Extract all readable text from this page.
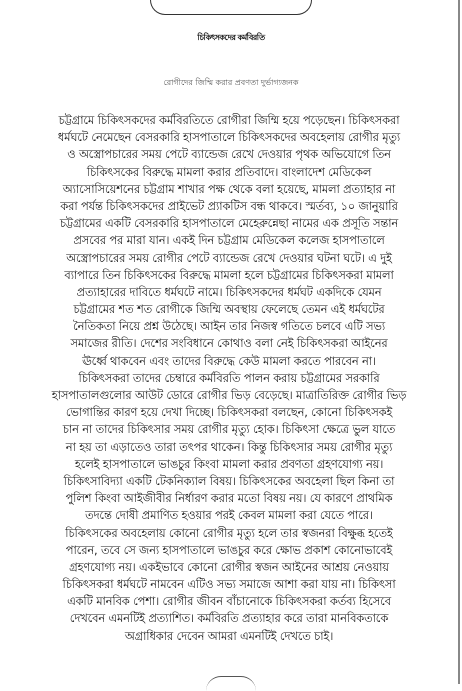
চিকিৎসকদের কর্মবিরতি
রোগীদের জিম্মি করার প্রবণতা দুর্ভাগ্যজনক
চট্টগ্রামে চিকিৎসকদের কর্মবিরতিতে রোগীরা জিম্মি হয়ে পড়েছেন। চিকিৎসকরা
ধর্মঘটে নেমেছেন বেসরকারি হাসপাতালে চিকিৎসকদের অবহেলায় রোগীর মৃত্যু
ও অস্ত্রোপচারের সময় পেটে ব্যান্ডেজ রেখে দেওয়ার পৃথক অভিযোগে তিন
চিকিৎসকের বিরুদ্ধে মামলা করার প্রতিবাদে। বাংলাদেশ মেডিকেল
অ্যাসোসিয়েশনের চট্টগ্রাম শাখার পক্ষ থেকে বলা হয়েছে, মামলা প্রত্যাহার না
করা পর্যন্ত চিকিৎসকদের প্রাইভেট প্র্যাকটিস বন্ধ থাকবে। স্মর্তব্য, ১০ জানুয়ারি
চট্টগ্রামের একটি বেসরকারি হাসপাতালে মেহেরুন্নেছা নামের এক প্রসূতি সন্তান
প্রসবের পর মারা যান। একই দিন চট্টগ্রাম মেডিকেল কলেজ হাসপাতালে
অস্ত্রোপচারের সময় রোগীর পেটে ব্যান্ডেজ রেখে দেওয়ার ঘটনা ঘটে। এ দুই
ব্যাপারে তিন চিকিৎসকের বিরুদ্ধে মামলা হলে চট্টগ্রামের চিকিৎসকরা মামলা
প্রত্যাহারের দাবিতে ধর্মঘটে নামে। চিকিৎসকদের ধর্মঘট একদিকে যেমন
চট্টগ্রামের শত শত রোগীকে জিম্মি অবস্থায় ফেলেছে তেমন এই ধর্মঘটের
নৈতিকতা নিয়ে প্রশ্ন উঠেছে। আইন তার নিজস্ব গতিতে চলবে এটি সভ্য
সমাজের রীতি। দেশের সংবিধানে কোথাও বলা নেই চিকিৎসকরা আইনের
ঊর্ধ্বে থাকবেন এবং তাদের বিরুদ্ধে কেউ মামলা করতে পারবেন না।
চিকিৎসকরা তাদের চেম্বারে কর্মবিরতি পালন করায় চট্টগ্রামের সরকারি
হাসপাতালগুলোর আউট ডোরে রোগীর ভিড় বেড়েছে। মাত্রাতিরিক্ত রোগীর ভিড়
ভোগান্তির কারণ হয়ে দেখা দিচ্ছে। চিকিৎসকরা বলছেন, কোনো চিকিৎসকই
চান না তাদের চিকিৎসার সময় রোগীর মৃত্যু হোক। চিকিৎসা ক্ষেত্রে ভুল যাতে
না হয় তা এড়াতেও তারা তৎপর থাকেন। কিন্তু চিকিৎসার সময় রোগীর মৃত্যু
হলেই হাসপাতালে ভাঙচুর কিংবা মামলা করার প্রবণতা গ্রহণযোগ্য নয়।
চিকিৎসাবিদ্যা একটি টেকনিক্যাল বিষয়। চিকিৎসকের অবহেলা ছিল কিনা তা
পুলিশ কিংবা আইজীবীর নির্ধারণ করার মতো বিষয় নয়। যে কারণে প্রাথমিক
তদন্তে দোষী প্রমাণিত হওয়ার পরই কেবল মামলা করা যেতে পারে।
চিকিৎসকের অবহেলায় কোনো রোগীর মৃত্যু হলে তার স্বজনরা বিক্ষুব্ধ হতেই
পারেন, তবে সে জন্য হাসপাতালে ভাঙচুর করে ক্ষোভ প্রকাশ কোনোভাবেই
গ্রহণযোগ্য নয়। একইভাবে কোনো রোগীর স্বজন আইনের আশ্রয় নেওয়ায়
চিকিৎসকরা ধর্মঘটে নামবেন এটিও সভ্য সমাজে আশা করা যায় না। চিকিৎসা
একটি মানবিক পেশা। রোগীর জীবন বাঁচানোকে চিকিৎসকরা কর্তব্য হিসেবে
দেখবেন এমনটিই প্রত্যাশিত। কর্মবিরতি প্রত্যাহার করে তারা মানবিকতাকে
অগ্রাধিকার দেবেন আমরা এমনটিই দেখতে চাই।
